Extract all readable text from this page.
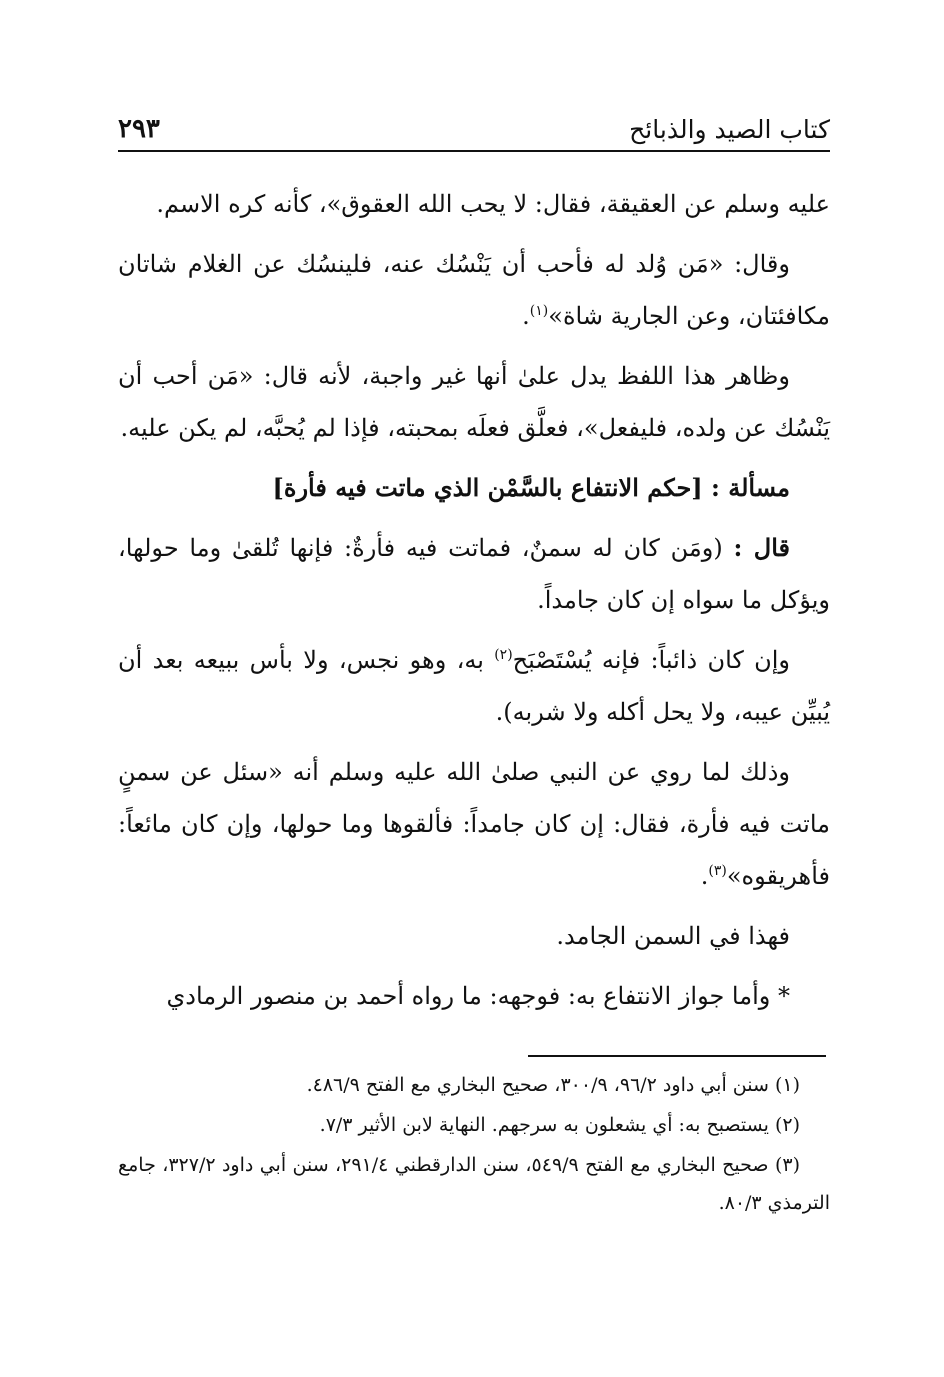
كتاب الصيد والذبائح
٢٩٣

عليه وسلم عن العقيقة، فقال: لا يحب الله العقوق»، كأنه كره الاسم.

وقال: «مَن وُلد له فأحب أن يَنْسُك عنه، فلينسُك عن الغلام شاتان مكافئتان، وعن الجارية شاة»$^{(١)}$.

وظاهر هذا اللفظ يدل علىٰ أنها غير واجبة، لأنه قال: «مَن أحب أن يَنْسُك عن ولده، فليفعل»، فعلَّق فعلَه بمحبته، فإذا لم يُحبَّه، لم يكن عليه.

مسألة : [حكم الانتفاع بالسَّمْن الذي ماتت فيه فأرة]

قال : (ومَن كان له سمنٌ، فماتت فيه فأرةٌ: فإنها تُلقىٰ وما حولها، ويؤكل ما سواه إن كان جامداً.

وإن كان ذائباً: فإنه يُسْتَصْبَح$^{(٢)}$ به، وهو نجس، ولا بأس ببيعه بعد أن يُبيِّن عيبه، ولا يحل أكله ولا شربه).

وذلك لما روي عن النبي صلىٰ الله عليه وسلم أنه «سئل عن سمنٍ ماتت فيه فأرة، فقال: إن كان جامداً: فألقوها وما حولها، وإن كان مائعاً: فأهريقوه»$^{(٣)}$.

فهذا في السمن الجامد.

* وأما جواز الانتفاع به: فوجهه: ما رواه أحمد بن منصور الرمادي

(١) سنن أبي داود ٩٦/٢، ٣٠٠/٩، صحيح البخاري مع الفتح ٤٨٦/٩.

(٢) يستصبح به: أي يشعلون به سرجهم. النهاية لابن الأثير ٧/٣.

(٣) صحيح البخاري مع الفتح ٥٤٩/٩، سنن الدارقطني ٢٩١/٤، سنن أبي داود ٣٢٧/٢، جامع الترمذي ٨٠/٣.
